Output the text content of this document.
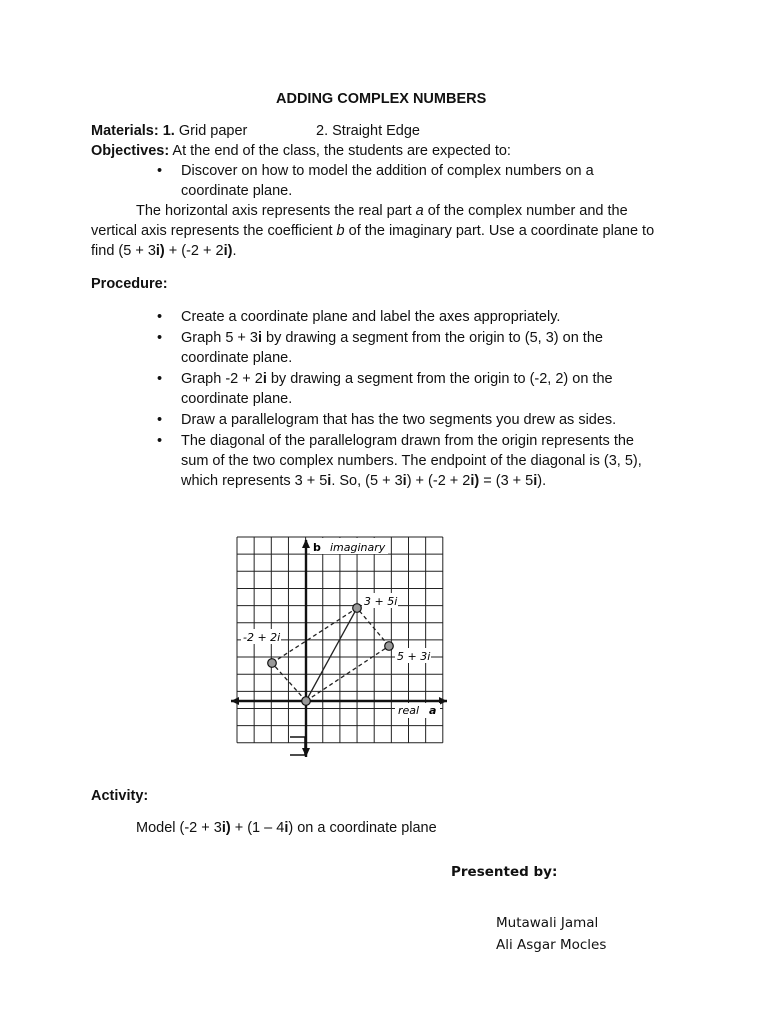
ADDING COMPLEX NUMBERS
Materials: 1. Grid paper	2. Straight Edge
Objectives: At the end of the class, the students are expected to:
• Discover on how to model the addition of complex numbers on a
coordinate plane.
The horizontal axis represents the real part a of the complex number and the
vertical axis represents the coefficient b of the imaginary part. Use a coordinate plane to
find (5 + 3i) + (-2 + 2i).
Procedure:
• Create a coordinate plane and label the axes appropriately.
• Graph 5 + 3i by drawing a segment from the origin to (5, 3) on the
coordinate plane.
• Graph -2 + 2i by drawing a segment from the origin to (-2, 2) on the
coordinate plane.
• Draw a parallelogram that has the two segments you drew as sides.
• The diagonal of the parallelogram drawn from the origin represents the
sum of the two complex numbers. The endpoint of the diagonal is (3, 5),
which represents 3 + 5i. So, (5 + 3i) + (-2 + 2i) = (3 + 5i).
b imaginary
real a
3 + 5i
5 + 3i
-2 + 2i
Activity:
Model (-2 + 3i) + (1 – 4i) on a coordinate plane
Presented by:
Mutawali Jamal
Ali Asgar Mocles
